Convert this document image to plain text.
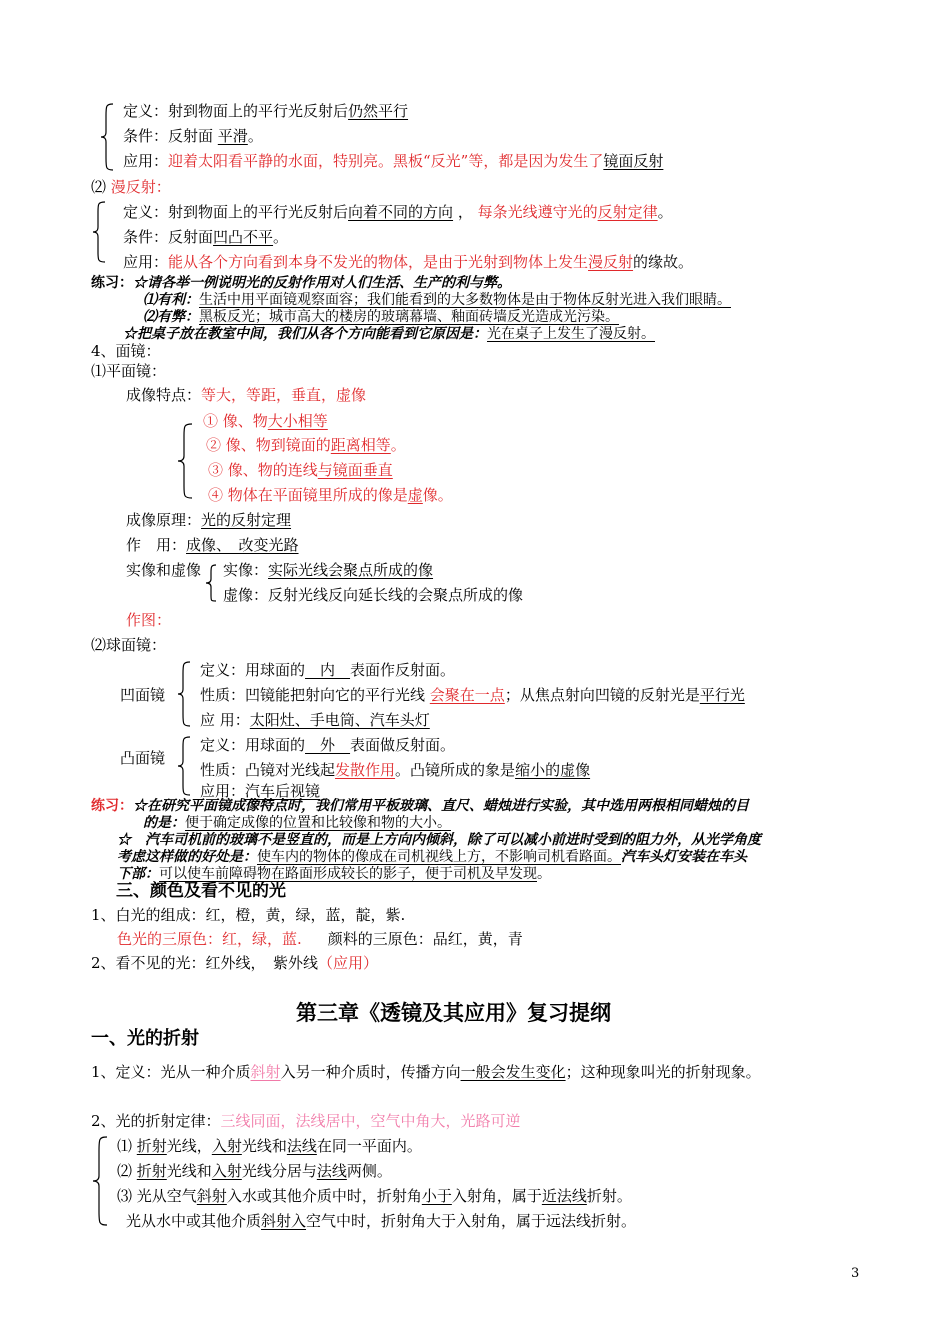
定义：射到物面上的平行光反射后仍然平行
条件：反射面 平滑。
应用：迎着太阳看平静的水面，特别亮。黑板“反光”等，都是因为发生了镜面反射
⑵ 漫反射：
定义：射到物面上的平行光反射后向着不同的方向 ， 每条光线遵守光的反射定律。
条件：反射面凹凸不平。
应用：能从各个方向看到本身不发光的物体，是由于光射到物体上发生漫反射的缘故。
练习：☆请各举一例说明光的反射作用对人们生活、生产的利与弊。
⑴有利：生活中用平面镜观察面容；我们能看到的大多数物体是由于物体反射光进入我们眼睛。
⑵有弊：黑板反光；城市高大的楼房的玻璃幕墙、釉面砖墙反光造成光污染。
☆把桌子放在教室中间，我们从各个方向能看到它原因是：光在桌子上发生了漫反射。
4、面镜：
⑴平面镜：
成像特点：等大，等距，垂直，虚像
① 像、物大小相等
② 像、物到镜面的距离相等。
③ 像、物的连线与镜面垂直
④ 物体在平面镜里所成的像是虚像。
成像原理：光的反射定理
作　用：成像、　改变光路
实像和虚像 实像：实际光线会聚点所成的像
虚像：反射光线反向延长线的会聚点所成的像
作图：
⑵球面镜：
凹面镜
定义：用球面的　内　表面作反射面。
性质：凹镜能把射向它的平行光线 会聚在一点；从焦点射向凹镜的反射光是平行光
应 用：太阳灶、手电筒、汽车头灯
凸面镜
定义：用球面的　外　表面做反射面。
性质：凸镜对光线起发散作用。凸镜所成的象是缩小的虚像
应用：汽车后视镜
练习：☆在研究平面镜成像特点时，我们常用平板玻璃、直尺、蜡烛进行实验，其中选用两根相同蜡烛的目
的是：便于确定成像的位置和比较像和物的大小。
☆　汽车司机前的玻璃不是竖直的，而是上方向内倾斜，除了可以减小前进时受到的阻力外，从光学角度
考虑这样做的好处是：使车内的物体的像成在司机视线上方，不影响司机看路面。汽车头灯安装在车头
下部：可以使车前障碍物在路面形成较长的影子，便于司机及早发现。
三、颜色及看不见的光
1、白光的组成：红，橙，黄，绿，蓝，靛，紫.
色光的三原色：红，绿，蓝. 颜料的三原色：品红，黄，青
2、看不见的光：红外线，　紫外线（应用）
第三章《透镜及其应用》复习提纲
一、光的折射
1、定义：光从一种介质斜射入另一种介质时，传播方向一般会发生变化；这种现象叫光的折射现象。
2、光的折射定律：三线同面，法线居中，空气中角大，光路可逆
⑴ 折射光线，入射光线和法线在同一平面内。
⑵ 折射光线和入射光线分居与法线两侧。
⑶ 光从空气斜射入水或其他介质中时，折射角小于入射角，属于近法线折射。
光从水中或其他介质斜射入空气中时，折射角大于入射角，属于远法线折射。
3
